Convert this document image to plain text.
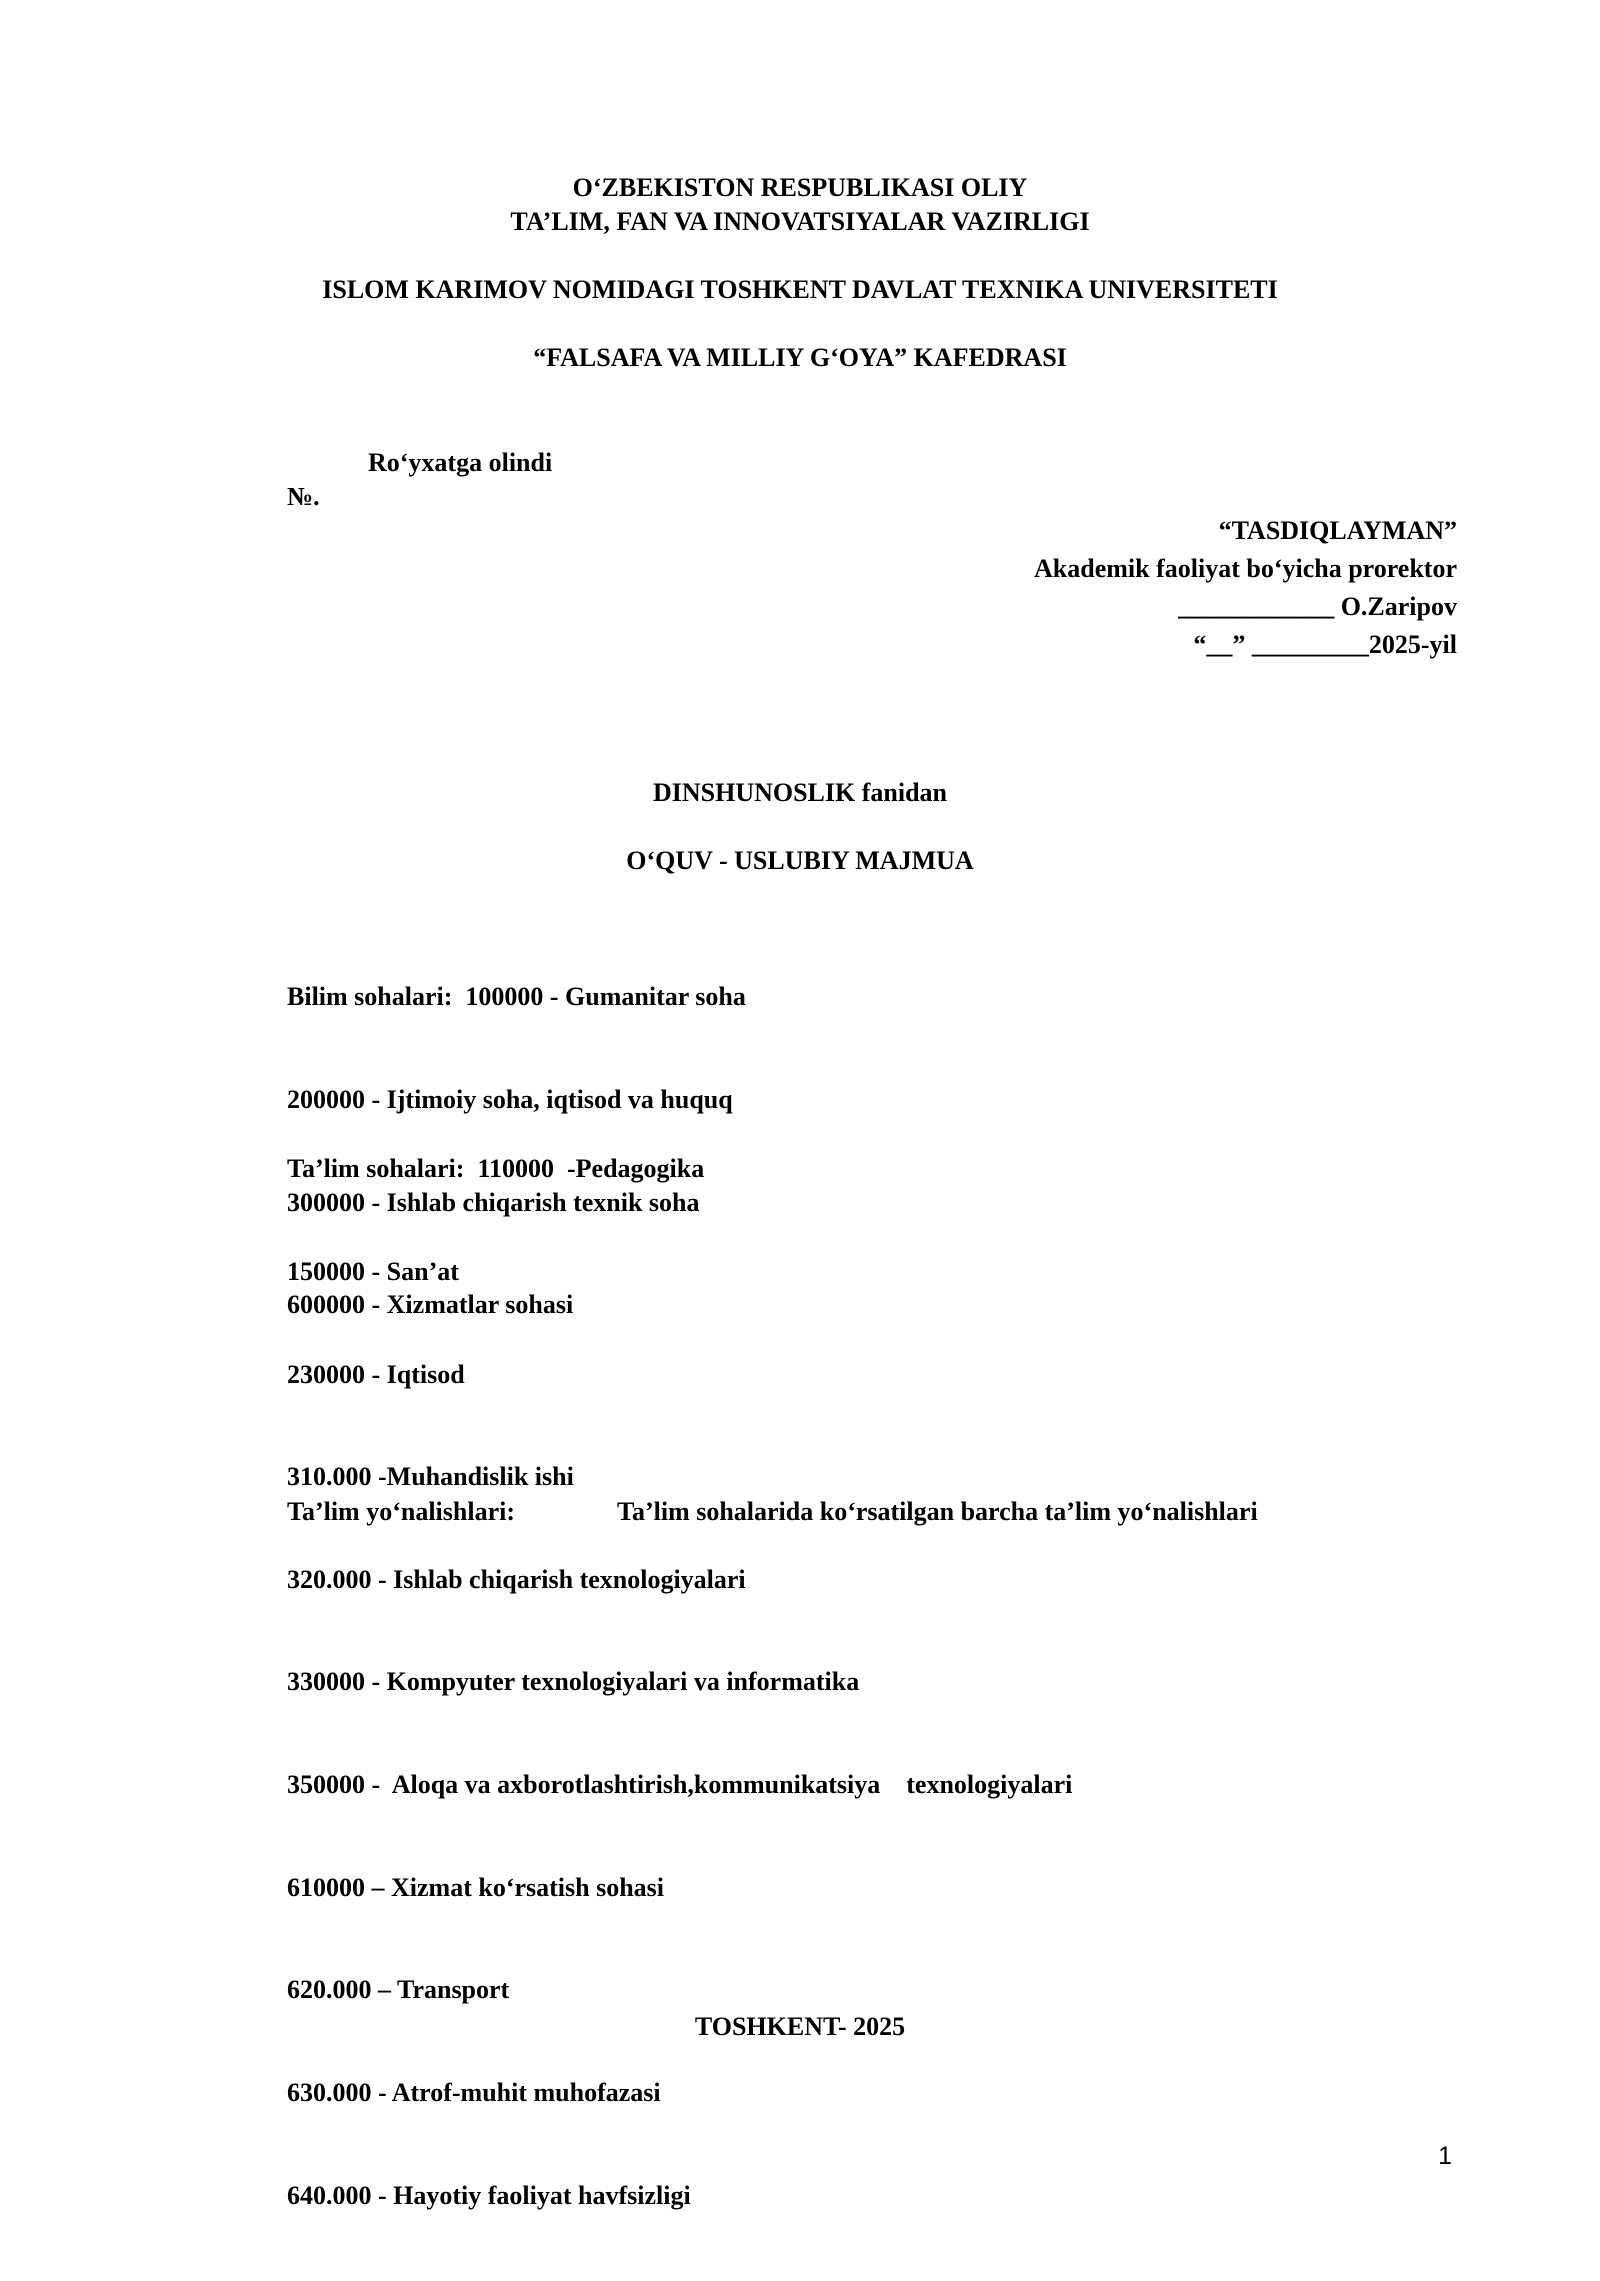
O‘ZBEKISTON RESPUBLIKASI OLIY
TA’LIM, FAN VA INNOVATSIYALAR VAZIRLIGI
ISLOM KARIMOV NOMIDAGI TOSHKENT DAVLAT TEXNIKA UNIVERSITETI
“FALSAFA VA MILLIY G‘OYA” KAFEDRASI
Ro‘yxatga olindi
№.
“TASDIQLAYMAN”
Akademik faoliyat bo‘yicha prorektor
____________ O.Zaripov
“__” _________2025-yil
DINSHUNOSLIK fanidan
O‘QUV - USLUBIY MAJMUA

Bilim sohalari:  100000 - Gumanitar soha

200000 - Ijtimoiy soha, iqtisod va huquq

300000 - Ishlab chiqarish texnik soha

600000 - Xizmatlar sohasi

Ta’lim sohalari:  110000  -Pedagogika

150000 - San’at

230000 - Iqtisod

310.000 -Muhandislik ishi

320.000 - Ishlab chiqarish texnologiyalari

330000 - Kompyuter texnologiyalari va informatika

350000 -  Aloqa va axborotlashtirish,kommunikatsiya    texnologiyalari

610000 – Xizmat ko‘rsatish sohasi

620.000 – Transport

630.000 - Atrof-muhit muhofazasi

640.000 - Hayotiy faoliyat havfsizligi

Ta’lim yo‘nalishlari:	Ta’lim sohalarida ko‘rsatilgan barcha ta’lim yo‘nalishlari
TOSHKENT- 2025
1
